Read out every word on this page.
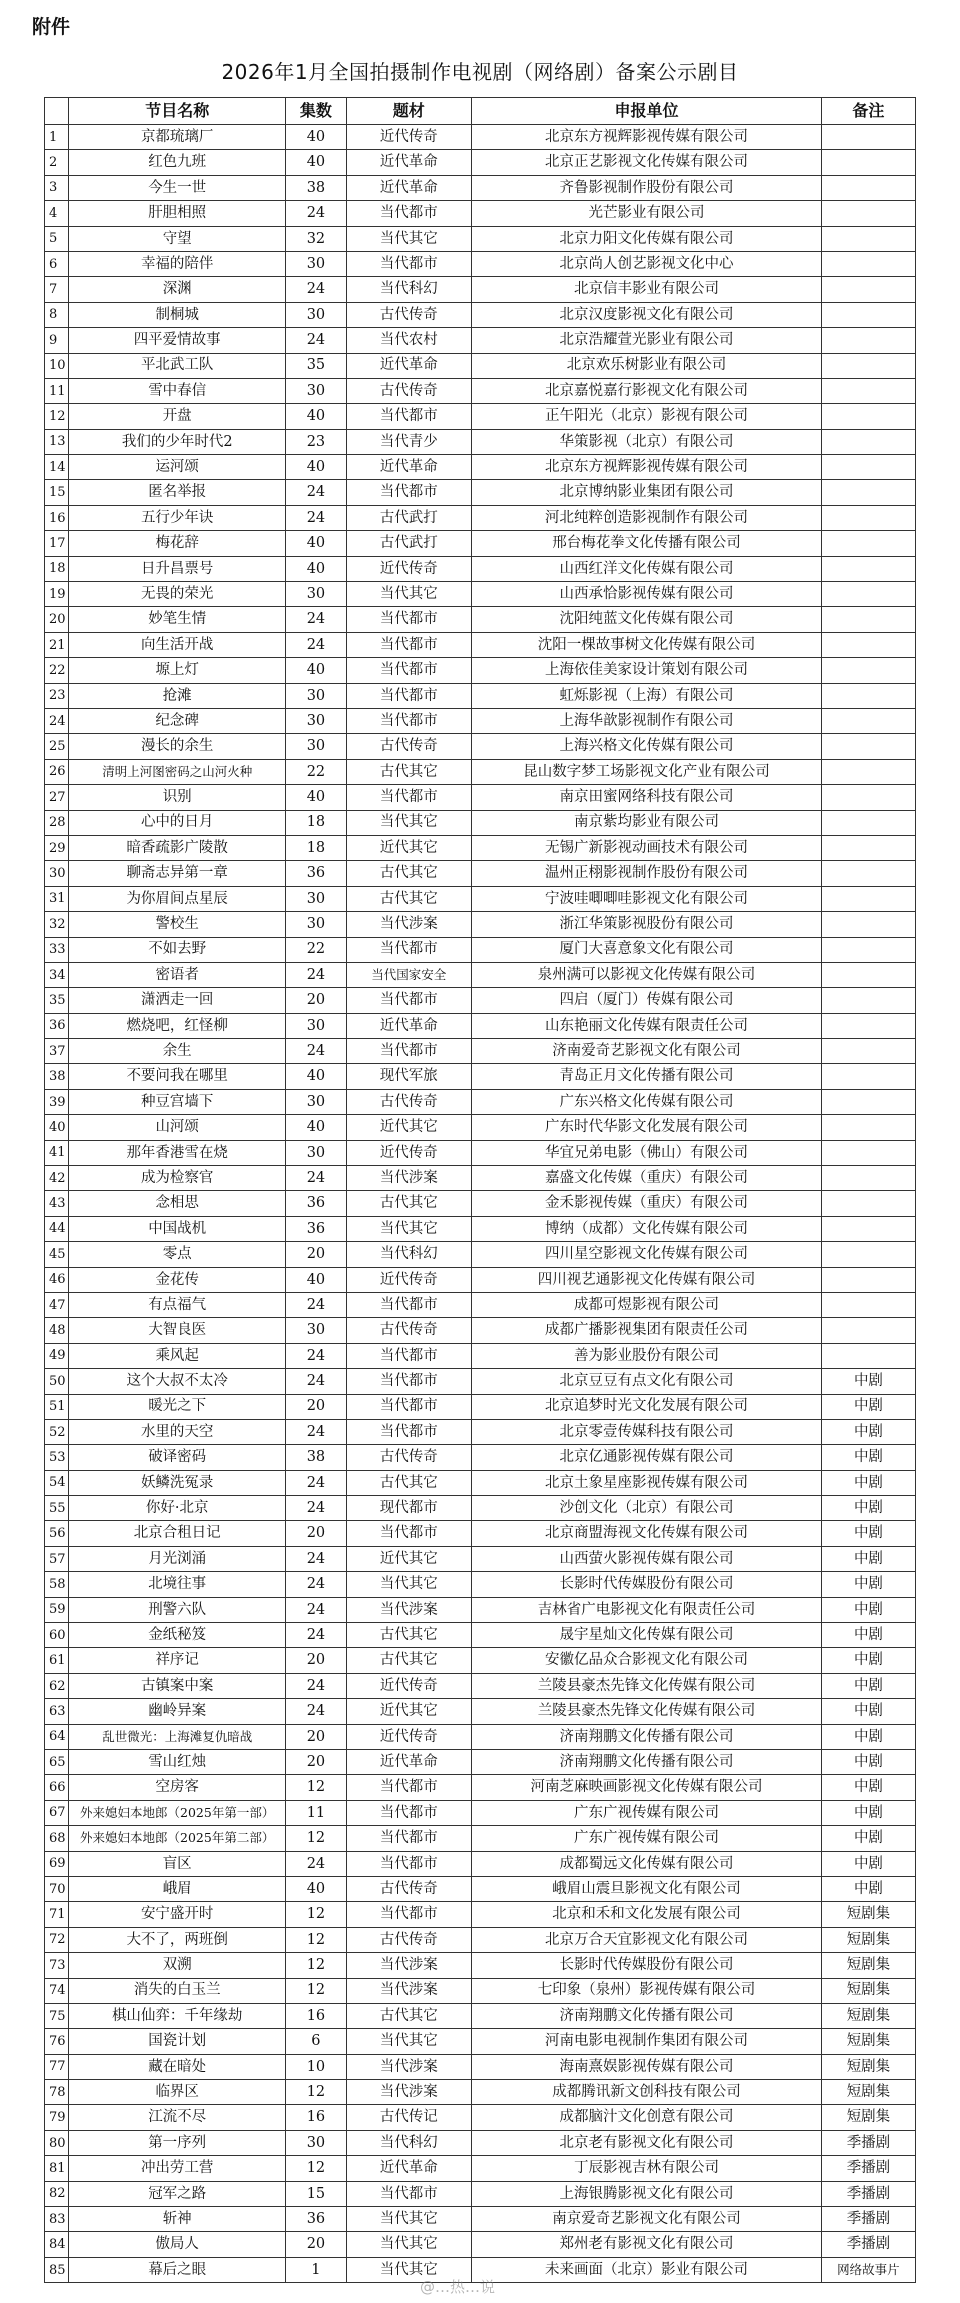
附件
2026年1月全国拍摄制作电视剧（网络剧）备案公示剧目
	节目名称	集数	题材	申报单位	备注
1	京都琉璃厂	40	近代传奇	北京东方视辉影视传媒有限公司	
2	红色九班	40	近代革命	北京正艺影视文化传媒有限公司	
3	今生一世	38	近代革命	齐鲁影视制作股份有限公司	
4	肝胆相照	24	当代都市	光芒影业有限公司	
5	守望	32	当代其它	北京力阳文化传媒有限公司	
6	幸福的陪伴	30	当代都市	北京尚人创艺影视文化中心	
7	深渊	24	当代科幻	北京信丰影业有限公司	
8	制桐城	30	古代传奇	北京汉度影视文化有限公司	
9	四平爱情故事	24	当代农村	北京浩耀萱光影业有限公司	
10	平北武工队	35	近代革命	北京欢乐树影业有限公司	
11	雪中春信	30	古代传奇	北京嘉悦嘉行影视文化有限公司	
12	开盘	40	当代都市	正午阳光（北京）影视有限公司	
13	我们的少年时代2	23	当代青少	华策影视（北京）有限公司	
14	运河颂	40	近代革命	北京东方视辉影视传媒有限公司	
15	匿名举报	24	当代都市	北京博纳影业集团有限公司	
16	五行少年诀	24	古代武打	河北纯粹创造影视制作有限公司	
17	梅花辞	40	古代武打	邢台梅花拳文化传播有限公司	
18	日升昌票号	40	近代传奇	山西红洋文化传媒有限公司	
19	无畏的荣光	30	当代其它	山西承恰影视传媒有限公司	
20	妙笔生情	24	当代都市	沈阳纯蓝文化传媒有限公司	
21	向生活开战	24	当代都市	沈阳一棵故事树文化传媒有限公司	
22	塬上灯	40	当代都市	上海依佳美家设计策划有限公司	
23	抢滩	30	当代都市	虹烁影视（上海）有限公司	
24	纪念碑	30	当代都市	上海华歆影视制作有限公司	
25	漫长的余生	30	古代传奇	上海兴格文化传媒有限公司	
26	清明上河图密码之山河火种	22	古代其它	昆山数字梦工场影视文化产业有限公司	
27	识别	40	当代都市	南京田蜜网络科技有限公司	
28	心中的日月	18	当代其它	南京紫均影业有限公司	
29	暗香疏影广陵散	18	近代其它	无锡广新影视动画技术有限公司	
30	聊斋志异第一章	36	古代其它	温州正栩影视制作股份有限公司	
31	为你眉间点星辰	30	古代其它	宁波哇唧唧哇影视文化有限公司	
32	警校生	30	当代涉案	浙江华策影视股份有限公司	
33	不如去野	22	当代都市	厦门大喜意象文化有限公司	
34	密语者	24	当代国家安全	泉州满可以影视文化传媒有限公司	
35	潇洒走一回	20	当代都市	四启（厦门）传媒有限公司	
36	燃烧吧，红怪柳	30	近代革命	山东艳丽文化传媒有限责任公司	
37	余生	24	当代都市	济南爱奇艺影视文化有限公司	
38	不要问我在哪里	40	现代军旅	青岛正月文化传播有限公司	
39	种豆宫墙下	30	古代传奇	广东兴格文化传媒有限公司	
40	山河颂	40	近代其它	广东时代华影文化发展有限公司	
41	那年香港雪在烧	30	近代传奇	华宜兄弟电影（佛山）有限公司	
42	成为检察官	24	当代涉案	嘉盛文化传媒（重庆）有限公司	
43	念相思	36	古代其它	金禾影视传媒（重庆）有限公司	
44	中国战机	36	当代其它	博纳（成都）文化传媒有限公司	
45	零点	20	当代科幻	四川星空影视文化传媒有限公司	
46	金花传	40	近代传奇	四川视艺通影视文化传媒有限公司	
47	有点福气	24	当代都市	成都可煜影视有限公司	
48	大智良医	30	古代传奇	成都广播影视集团有限责任公司	
49	乘风起	24	当代都市	善为影业股份有限公司	
50	这个大叔不太冷	24	当代都市	北京豆豆有点文化有限公司	中剧
51	暖光之下	20	当代都市	北京追梦时光文化发展有限公司	中剧
52	水里的天空	24	当代都市	北京零壹传媒科技有限公司	中剧
53	破译密码	38	古代传奇	北京亿通影视传媒有限公司	中剧
54	妖鳞洗冤录	24	古代其它	北京土象星座影视传媒有限公司	中剧
55	你好·北京	24	现代都市	沙创文化（北京）有限公司	中剧
56	北京合租日记	20	当代都市	北京商盟海视文化传媒有限公司	中剧
57	月光浏涌	24	近代其它	山西萤火影视传媒有限公司	中剧
58	北境往事	24	当代其它	长影时代传媒股份有限公司	中剧
59	刑警六队	24	当代涉案	吉林省广电影视文化有限责任公司	中剧
60	金纸秘笈	24	古代其它	晟宇星灿文化传媒有限公司	中剧
61	祥序记	20	古代其它	安徽亿品众合影视文化有限公司	中剧
62	古镇案中案	24	近代传奇	兰陵县豪杰先锋文化传媒有限公司	中剧
63	幽岭异案	24	近代其它	兰陵县豪杰先锋文化传媒有限公司	中剧
64	乱世微光：上海滩复仇暗战	20	近代传奇	济南翔鹏文化传播有限公司	中剧
65	雪山红烛	20	近代革命	济南翔鹏文化传播有限公司	中剧
66	空房客	12	当代都市	河南芝麻映画影视文化传媒有限公司	中剧
67	外来媳妇本地郎（2025年第一部）	11	当代都市	广东广视传媒有限公司	中剧
68	外来媳妇本地郎（2025年第二部）	12	当代都市	广东广视传媒有限公司	中剧
69	盲区	24	当代都市	成都蜀远文化传媒有限公司	中剧
70	峨眉	40	古代传奇	峨眉山震旦影视文化有限公司	中剧
71	安宁盛开时	12	当代都市	北京和禾和文化发展有限公司	短剧集
72	大不了，两班倒	12	古代传奇	北京万合天宜影视文化有限公司	短剧集
73	双溯	12	当代涉案	长影时代传媒股份有限公司	短剧集
74	消失的白玉兰	12	当代涉案	七印象（泉州）影视传媒有限公司	短剧集
75	棋山仙弈：千年缘劫	16	古代其它	济南翔鹏文化传播有限公司	短剧集
76	国瓷计划	6	当代其它	河南电影电视制作集团有限公司	短剧集
77	藏在暗处	10	当代涉案	海南熹娱影视传媒有限公司	短剧集
78	临界区	12	当代涉案	成都腾讯新文创科技有限公司	短剧集
79	江流不尽	16	古代传记	成都脑汁文化创意有限公司	短剧集
80	第一序列	30	当代科幻	北京老有影视文化有限公司	季播剧
81	冲出劳工营	12	近代革命	丁辰影视吉林有限公司	季播剧
82	冠军之路	15	当代都市	上海银腾影视文化有限公司	季播剧
83	斩神	36	当代其它	南京爱奇艺影视文化有限公司	季播剧
84	傲局人	20	当代其它	郑州老有影视文化有限公司	季播剧
85	幕后之眼	1	当代其它	未来画面（北京）影业有限公司	网络故事片
@…热…说
